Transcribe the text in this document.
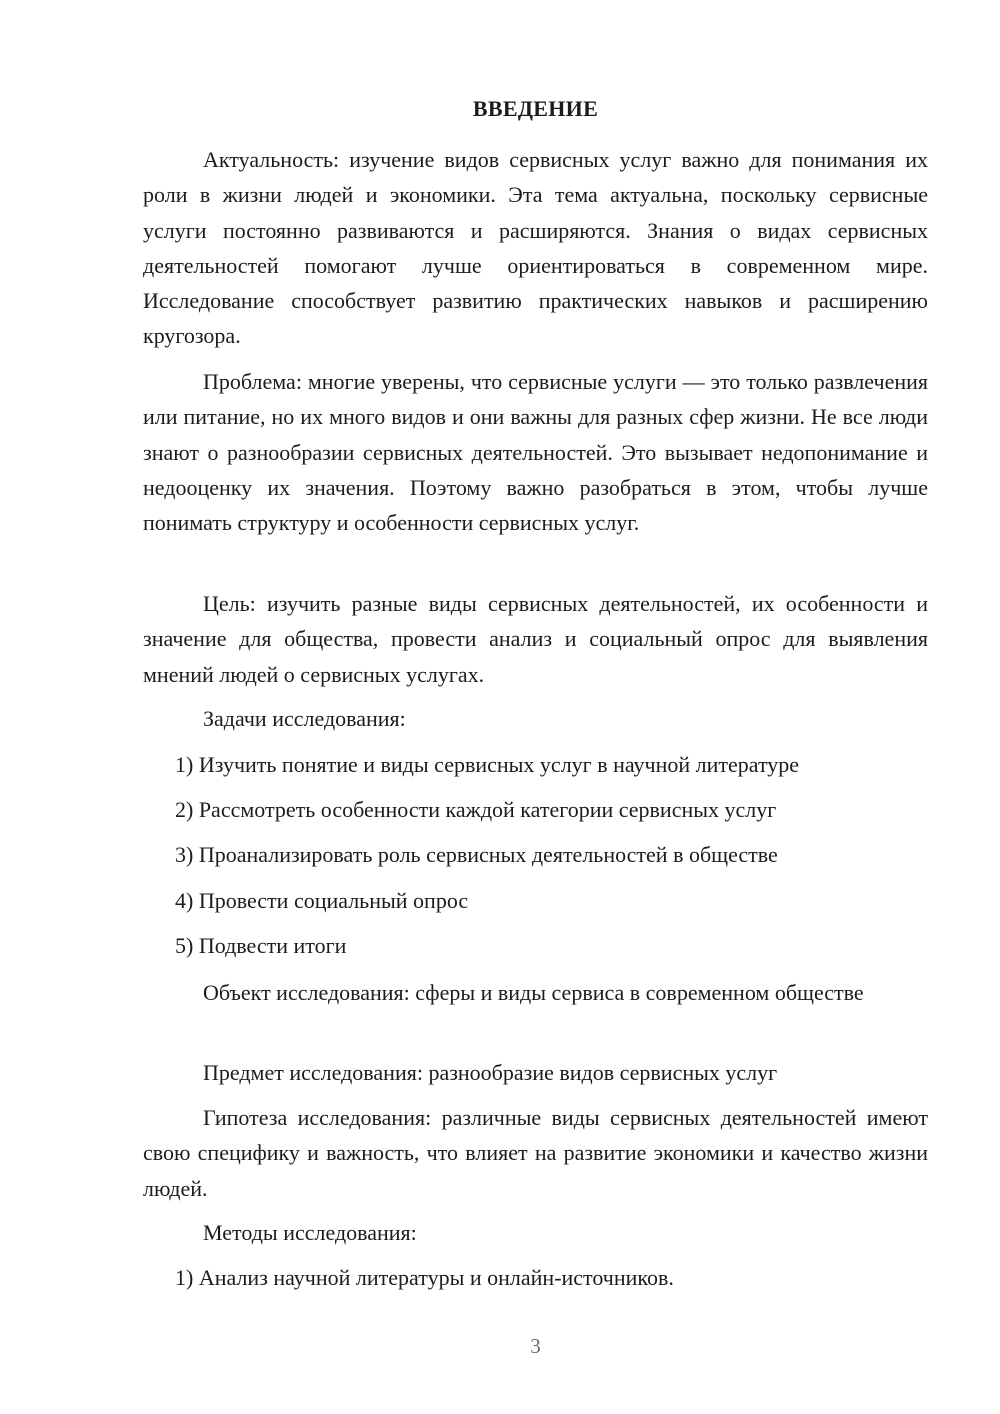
ВВЕДЕНИЕ

Актуальность: изучение видов сервисных услуг важно для понимания их роли в жизни людей и экономики. Эта тема актуальна, поскольку сервисные услуги постоянно развиваются и расширяются. Знания о видах сервисных деятельностей помогают лучше ориентироваться в современном мире. Исследование способствует развитию практических навыков и расширению кругозора.

Проблема: многие уверены, что сервисные услуги — это только развлечения или питание, но их много видов и они важны для разных сфер жизни. Не все люди знают о разнообразии сервисных деятельностей. Это вызывает недопонимание и недооценку их значения. Поэтому важно разобраться в этом, чтобы лучше понимать структуру и особенности сервисных услуг.

Цель: изучить разные виды сервисных деятельностей, их особенности и значение для общества, провести анализ и социальный опрос для выявления мнений людей о сервисных услугах.

Задачи исследования:

1) Изучить понятие и виды сервисных услуг в научной литературе

2) Рассмотреть особенности каждой категории сервисных услуг

3) Проанализировать роль сервисных деятельностей в обществе

4) Провести социальный опрос

5) Подвести итоги

Объект исследования: сферы и виды сервиса в современном обществе

Предмет исследования: разнообразие видов сервисных услуг

Гипотеза исследования: различные виды сервисных деятельностей имеют свою специфику и важность, что влияет на развитие экономики и качество жизни людей.

Методы исследования:

1) Анализ научной литературы и онлайн-источников.

3
